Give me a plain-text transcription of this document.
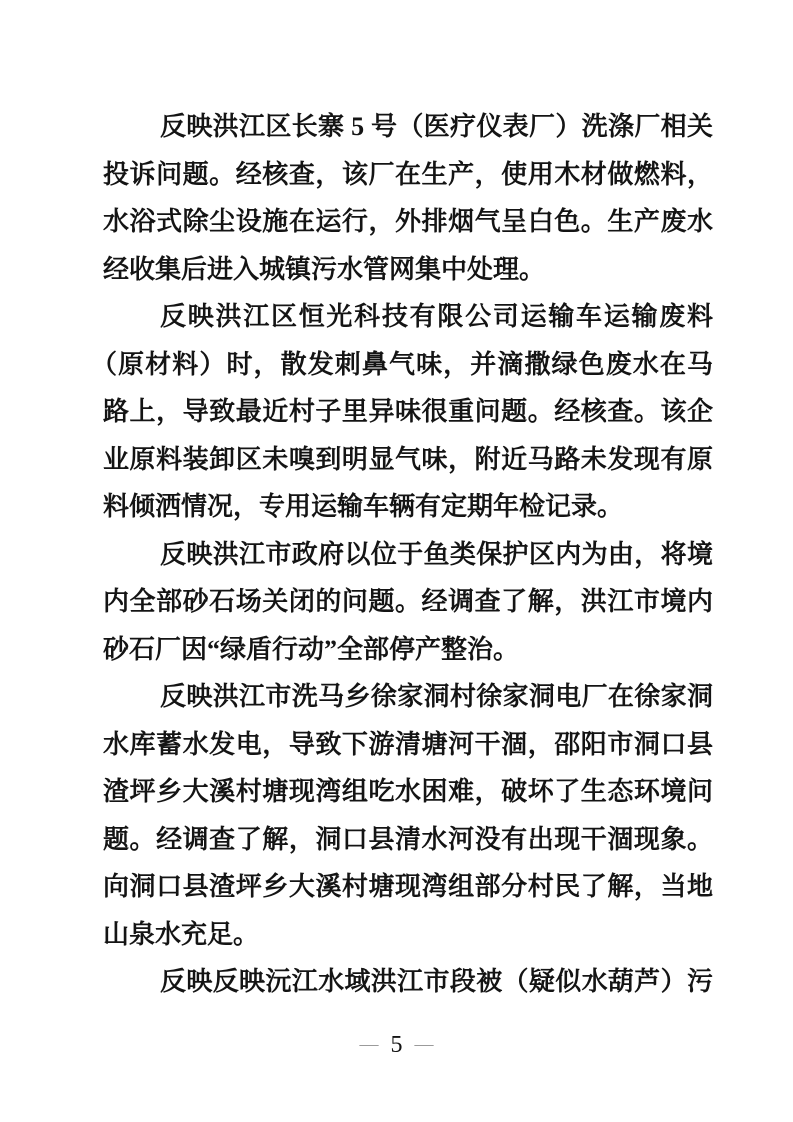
反映洪江区长寨 5 号（医疗仪表厂）洗涤厂相关
投诉问题。经核查，该厂在生产，使用木材做燃料，
水浴式除尘设施在运行，外排烟气呈白色。生产废水
经收集后进入城镇污水管网集中处理。
反映洪江区恒光科技有限公司运输车运输废料
（原材料）时，散发刺鼻气味，并滴撒绿色废水在马
路上，导致最近村子里异味很重问题。经核查。该企
业原料装卸区未嗅到明显气味，附近马路未发现有原
料倾洒情况，专用运输车辆有定期年检记录。
反映洪江市政府以位于鱼类保护区内为由，将境
内全部砂石场关闭的问题。经调查了解，洪江市境内
砂石厂因“绿盾行动”全部停产整治。
反映洪江市洗马乡徐家洞村徐家洞电厂在徐家洞
水库蓄水发电，导致下游清塘河干涸，邵阳市洞口县
渣坪乡大溪村塘现湾组吃水困难，破坏了生态环境问
题。经调查了解，洞口县清水河没有出现干涸现象。
向洞口县渣坪乡大溪村塘现湾组部分村民了解，当地
山泉水充足。
反映反映沅江水域洪江市段被（疑似水葫芦）污
— 5 —
